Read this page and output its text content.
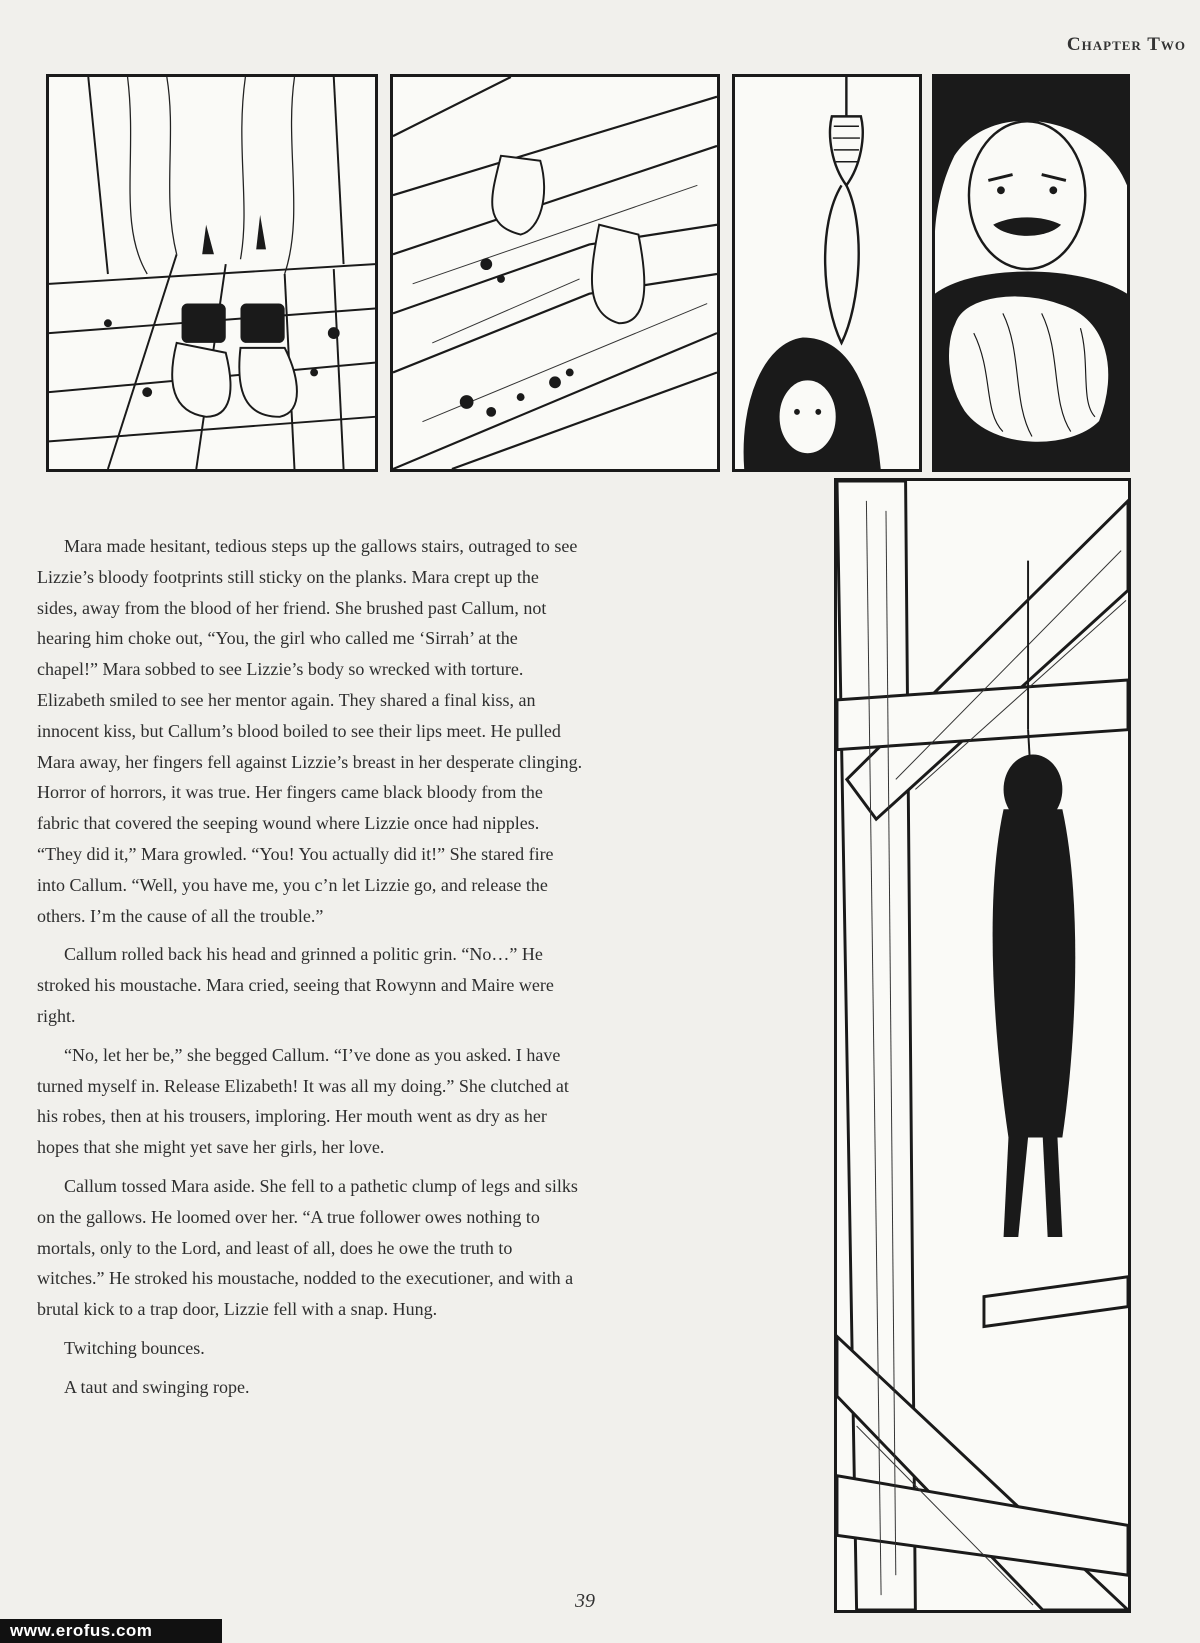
Chapter Two

Mara made hesitant, tedious steps up the gallows stairs, outraged to see Lizzie’s bloody footprints still sticky on the planks. Mara crept up the sides, away from the blood of her friend. She brushed past Callum, not hearing him choke out, “You, the girl who called me ‘Sirrah’ at the chapel!” Mara sobbed to see Lizzie’s body so wrecked with torture. Elizabeth smiled to see her mentor again. They shared a final kiss, an innocent kiss, but Callum’s blood boiled to see their lips meet. He pulled Mara away, her fingers fell against Lizzie’s breast in her desperate clinging. Horror of horrors, it was true. Her fingers came black bloody from the fabric that covered the seeping wound where Lizzie once had nipples. “They did it,” Mara growled. “You! You actually did it!” She stared fire into Callum. “Well, you have me, you c’n let Lizzie go, and release the others. I’m the cause of all the trouble.”

Callum rolled back his head and grinned a politic grin. “No…” He stroked his moustache. Mara cried, seeing that Rowynn and Maire were right.

“No, let her be,” she begged Callum. “I’ve done as you asked. I have turned myself in. Release Elizabeth! It was all my doing.” She clutched at his robes, then at his trousers, imploring. Her mouth went as dry as her hopes that she might yet save her girls, her love.

Callum tossed Mara aside. She fell to a pathetic clump of legs and silks on the gallows. He loomed over her. “A true follower owes nothing to mortals, only to the Lord, and least of all, does he owe the truth to witches.” He stroked his moustache, nodded to the executioner, and with a brutal kick to a trap door, Lizzie fell with a snap. Hung.

Twitching bounces.

A taut and swinging rope.

39
www.erofus.com
